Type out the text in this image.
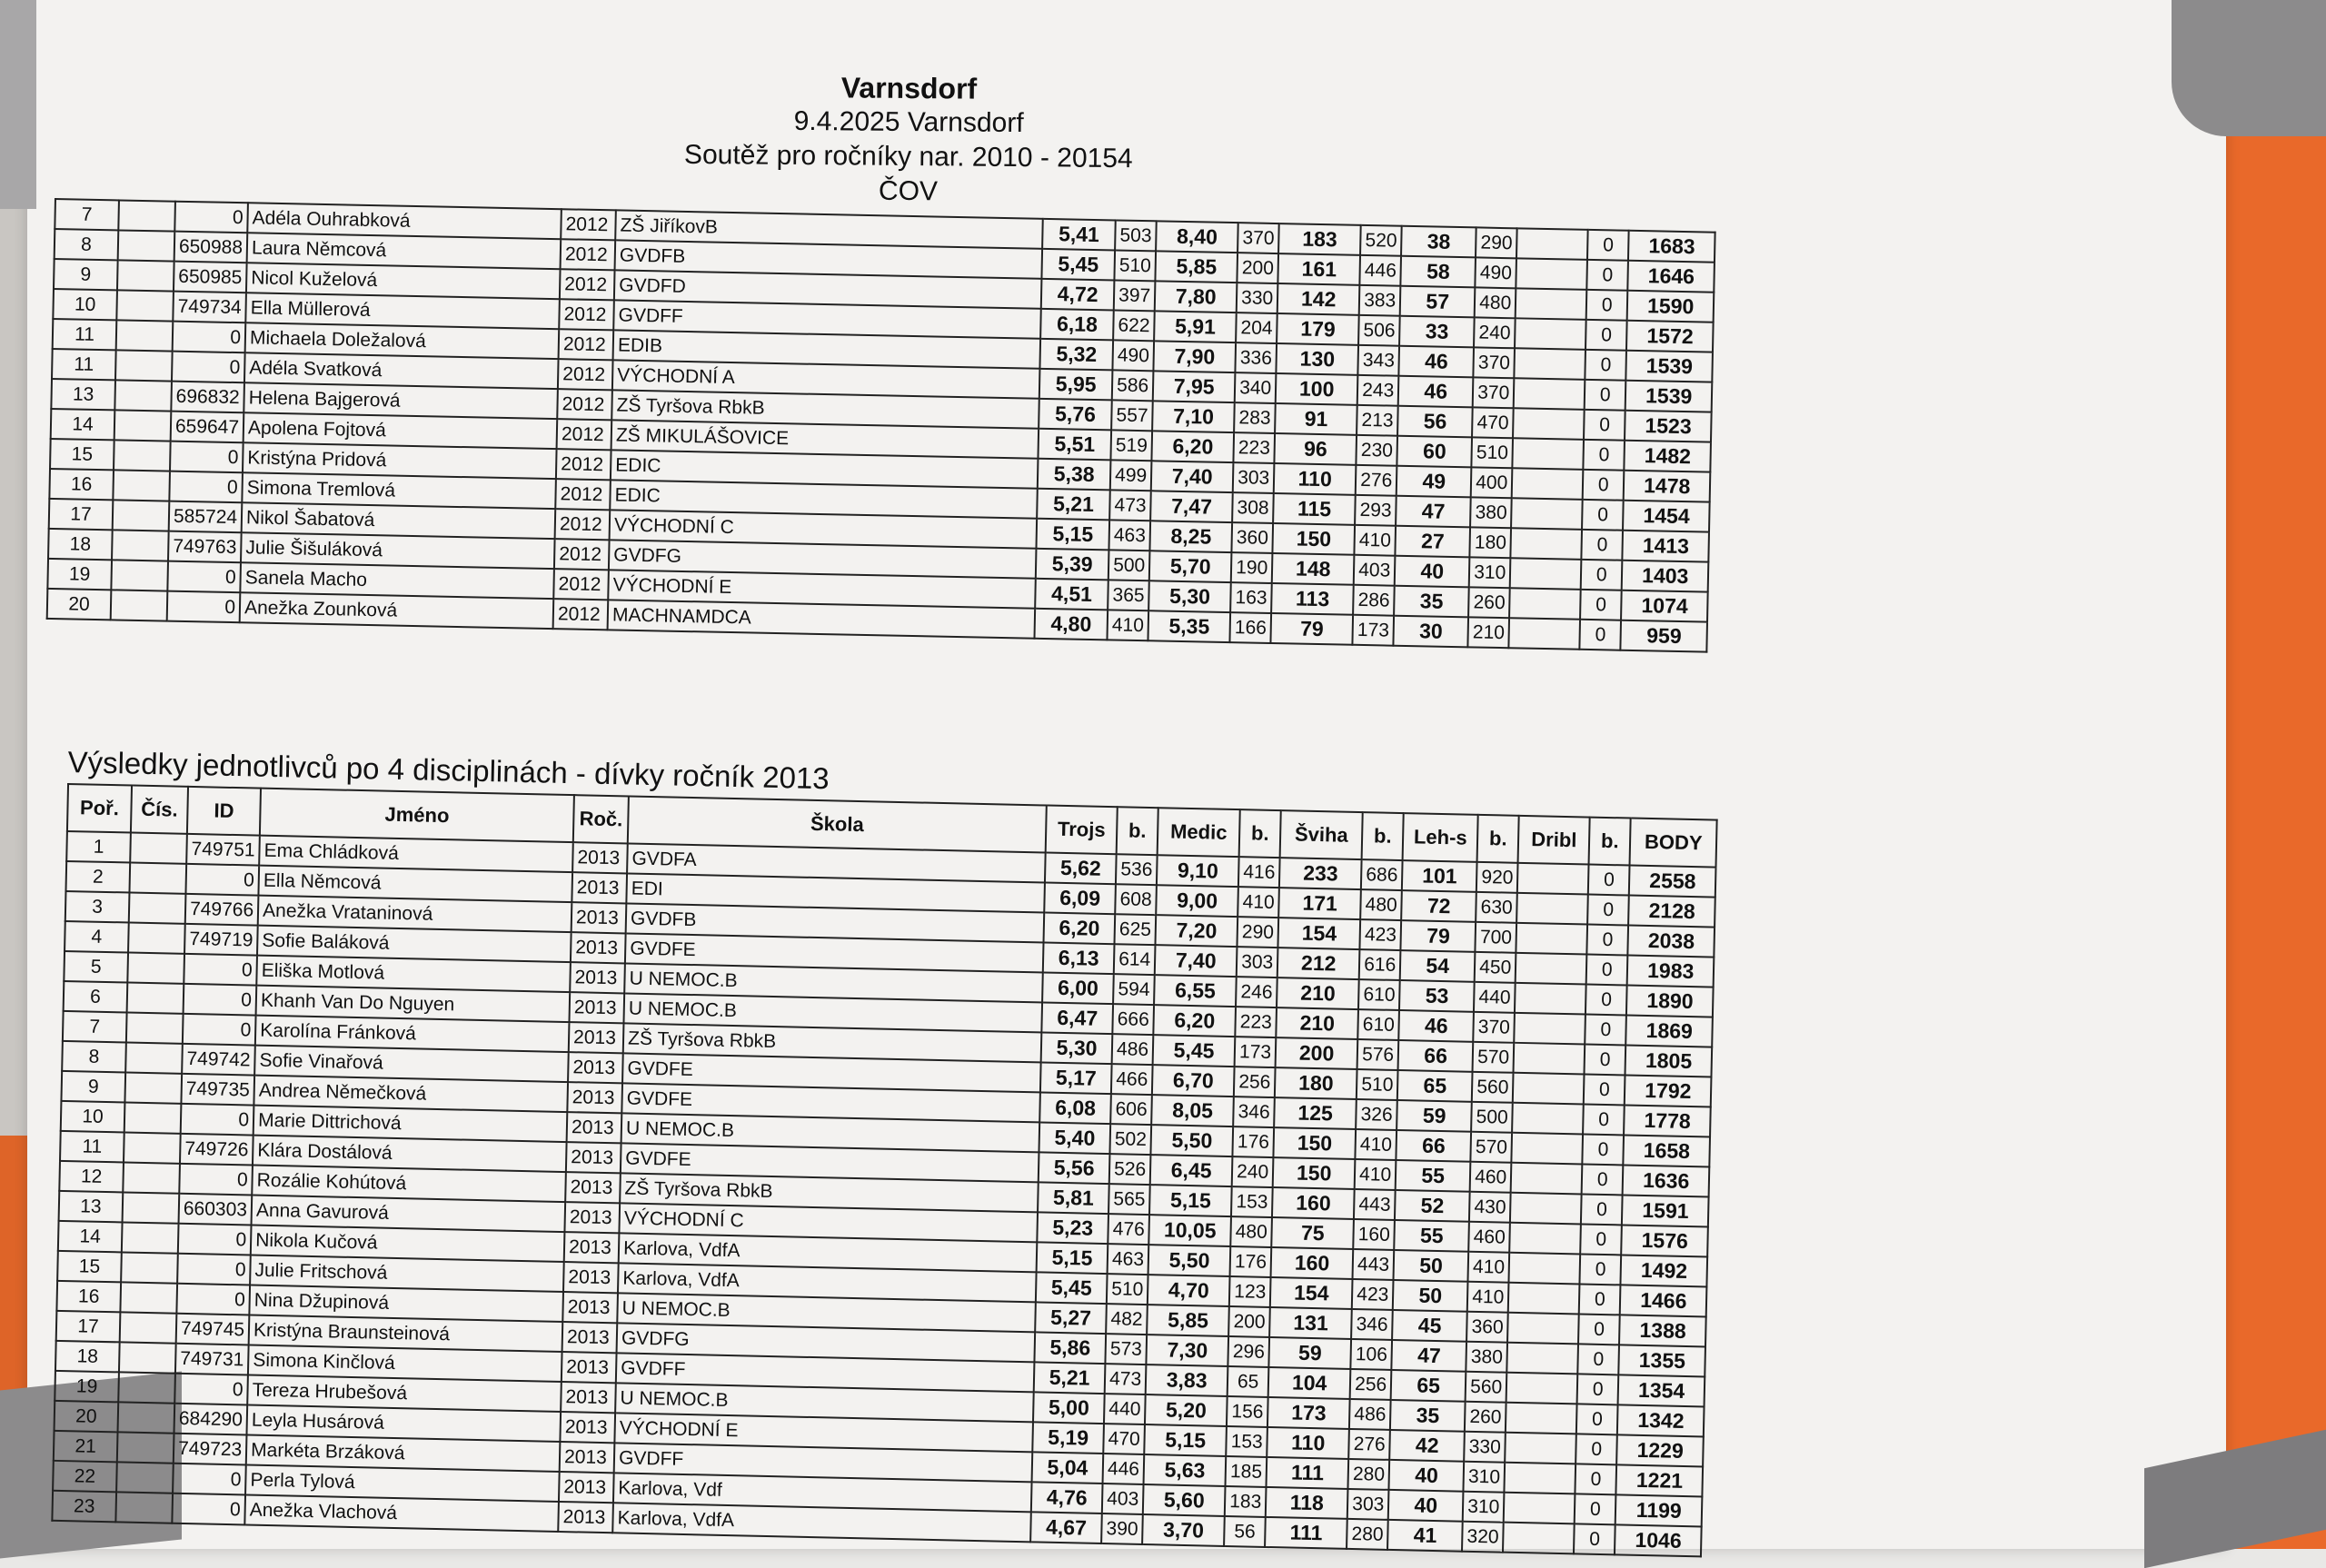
Varnsdorf
9.4.2025 Varnsdorf
Soutěž pro ročníky nar. 2010 - 20154
ČOV
7		0	Adéla Ouhrabková	2012	ZŠ JiříkovB	5,41	503	8,40	370	183	520	38	290		0	1683
8		650988	Laura Němcová	2012	GVDFB	5,45	510	5,85	200	161	446	58	490		0	1646
9		650985	Nicol Kuželová	2012	GVDFD	4,72	397	7,80	330	142	383	57	480		0	1590
10		749734	Ella Müllerová	2012	GVDFF	6,18	622	5,91	204	179	506	33	240		0	1572
11		0	Michaela Doležalová	2012	EDIB	5,32	490	7,90	336	130	343	46	370		0	1539
11		0	Adéla Svatková	2012	VÝCHODNÍ A	5,95	586	7,95	340	100	243	46	370		0	1539
13		696832	Helena Bajgerová	2012	ZŠ Tyršova RbkB	5,76	557	7,10	283	91	213	56	470		0	1523
14		659647	Apolena Fojtová	2012	ZŠ MIKULÁŠOVICE	5,51	519	6,20	223	96	230	60	510		0	1482
15		0	Kristýna Pridová	2012	EDIC	5,38	499	7,40	303	110	276	49	400		0	1478
16		0	Simona Tremlová	2012	EDIC	5,21	473	7,47	308	115	293	47	380		0	1454
17		585724	Nikol Šabatová	2012	VÝCHODNÍ C	5,15	463	8,25	360	150	410	27	180		0	1413
18		749763	Julie Šišuláková	2012	GVDFG	5,39	500	5,70	190	148	403	40	310		0	1403
19		0	Sanela Macho	2012	VÝCHODNÍ E	4,51	365	5,30	163	113	286	35	260		0	1074
20		0	Anežka Zounková	2012	MACHNAMDCA	4,80	410	5,35	166	79	173	30	210		0	959
Výsledky jednotlivců po 4 disciplinách - dívky ročník 2013
Poř.	Čís.	ID	Jméno	Roč.	Škola	Trojs	b.	Medic	b.	Švihа	b.	Leh-s	b.	Dribl	b.	BODY
1		749751	Ema Chládková	2013	GVDFA	5,62	536	9,10	416	233	686	101	920		0	2558
2		0	Ella Němcová	2013	EDI	6,09	608	9,00	410	171	480	72	630		0	2128
3		749766	Anežka Vrataninová	2013	GVDFB	6,20	625	7,20	290	154	423	79	700		0	2038
4		749719	Sofie Baláková	2013	GVDFE	6,13	614	7,40	303	212	616	54	450		0	1983
5		0	Eliška Motlová	2013	U NEMOC.B	6,00	594	6,55	246	210	610	53	440		0	1890
6		0	Khanh Van Do Nguyen	2013	U NEMOC.B	6,47	666	6,20	223	210	610	46	370		0	1869
7		0	Karolína Fránková	2013	ZŠ Tyršova RbkB	5,30	486	5,45	173	200	576	66	570		0	1805
8		749742	Sofie Vinařová	2013	GVDFE	5,17	466	6,70	256	180	510	65	560		0	1792
9		749735	Andrea Němečková	2013	GVDFE	6,08	606	8,05	346	125	326	59	500		0	1778
10		0	Marie Dittrichová	2013	U NEMOC.B	5,40	502	5,50	176	150	410	66	570		0	1658
11		749726	Klára Dostálová	2013	GVDFE	5,56	526	6,45	240	150	410	55	460		0	1636
12		0	Rozálie Kohútová	2013	ZŠ Tyršova RbkB	5,81	565	5,15	153	160	443	52	430		0	1591
13		660303	Anna Gavurová	2013	VÝCHODNÍ C	5,23	476	10,05	480	75	160	55	460		0	1576
14		0	Nikola Kučová	2013	Karlova, VdfA	5,15	463	5,50	176	160	443	50	410		0	1492
15		0	Julie Fritschová	2013	Karlova, VdfA	5,45	510	4,70	123	154	423	50	410		0	1466
16		0	Nina Džupinová	2013	U NEMOC.B	5,27	482	5,85	200	131	346	45	360		0	1388
17		749745	Kristýna Braunsteinová	2013	GVDFG	5,86	573	7,30	296	59	106	47	380		0	1355
18		749731	Simona Kinčlová	2013	GVDFF	5,21	473	3,83	65	104	256	65	560		0	1354
19		0	Tereza Hrubešová	2013	U NEMOC.B	5,00	440	5,20	156	173	486	35	260		0	1342
20		684290	Leyla Husárová	2013	VÝCHODNÍ E	5,19	470	5,15	153	110	276	42	330		0	1229
21		749723	Markéta Brzáková	2013	GVDFF	5,04	446	5,63	185	111	280	40	310		0	1221
22		0	Perla Tylová	2013	Karlova, Vdf	4,76	403	5,60	183	118	303	40	310		0	1199
23		0	Anežka Vlachová	2013	Karlova, VdfA	4,67	390	3,70	56	111	280	41	320		0	1046
